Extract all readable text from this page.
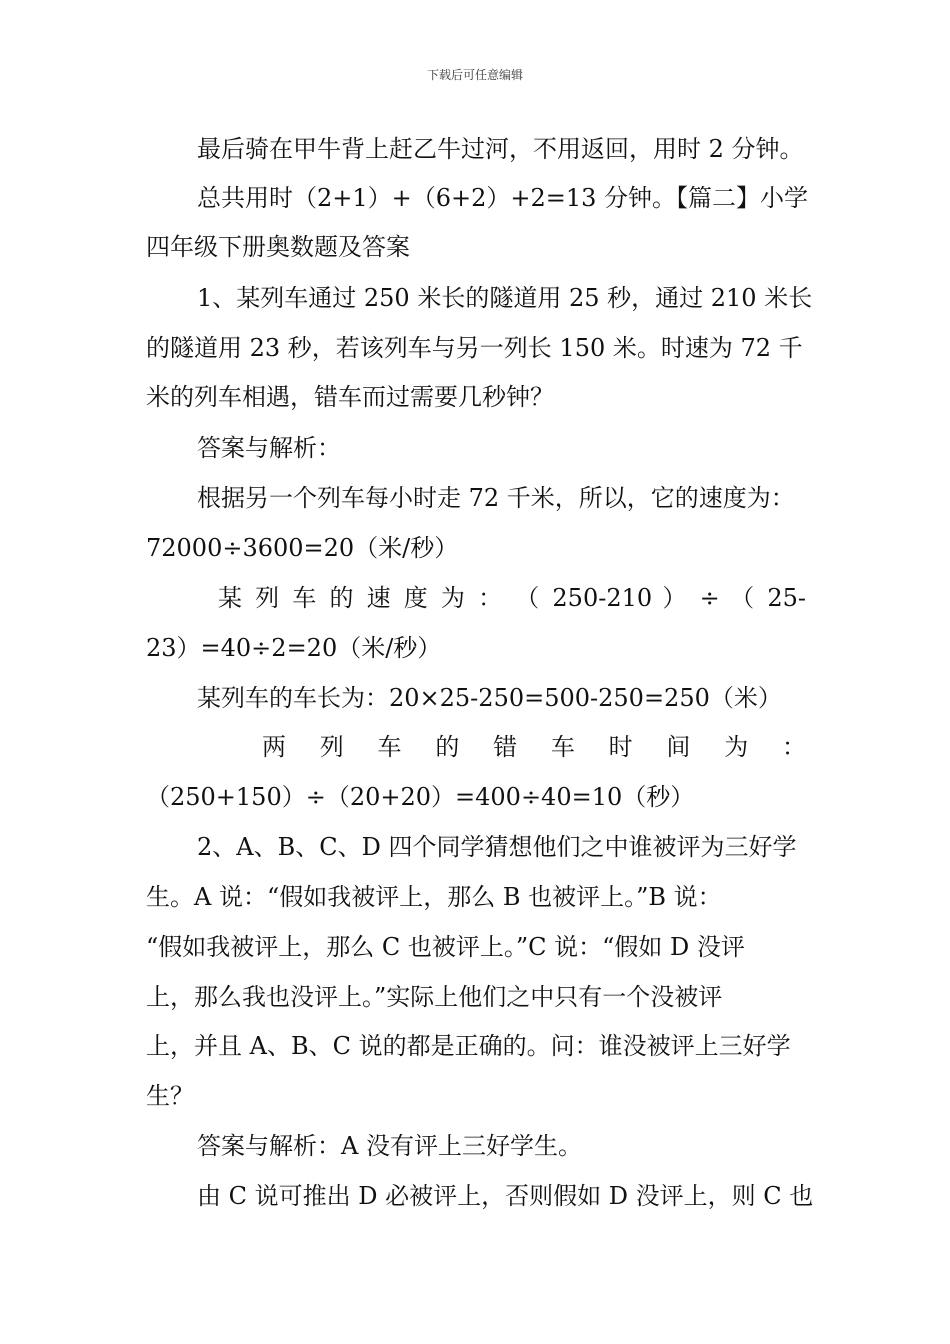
下载后可任意编辑
最后骑在甲牛背上赶乙牛过河，不用返回，用时 2 分钟。
总共用时（2+1）+（6+2）+2=13 分钟。【篇二】小学
四年级下册奥数题及答案
1、某列车通过 250 米长的隧道用 25 秒，通过 210 米长
的隧道用 23 秒，若该列车与另一列长 150 米。时速为 72 千
米的列车相遇，错车而过需要几秒钟？
答案与解析：
根据另一个列车每小时走 72 千米，所以，它的速度为：
72000÷3600=20（米/秒）
某 列 车 的 速 度 为 ： （ 250-210 ） ÷ （ 25-
23）=40÷2=20（米/秒）
某列车的车长为：20×25-250=500-250=250（米）
两 列 车 的 错 车 时 间 为 ：
（250+150）÷（20+20）=400÷40=10（秒）
2、A、B、C、D 四个同学猜想他们之中谁被评为三好学
生。A 说：“假如我被评上，那么 B 也被评上。”B 说：
“假如我被评上，那么 C 也被评上。”C 说：“假如 D 没评
上，那么我也没评上。”实际上他们之中只有一个没被评
上，并且 A、B、C 说的都是正确的。问：谁没被评上三好学
生？
答案与解析：A 没有评上三好学生。
由 C 说可推出 D 必被评上，否则假如 D 没评上，则 C 也
